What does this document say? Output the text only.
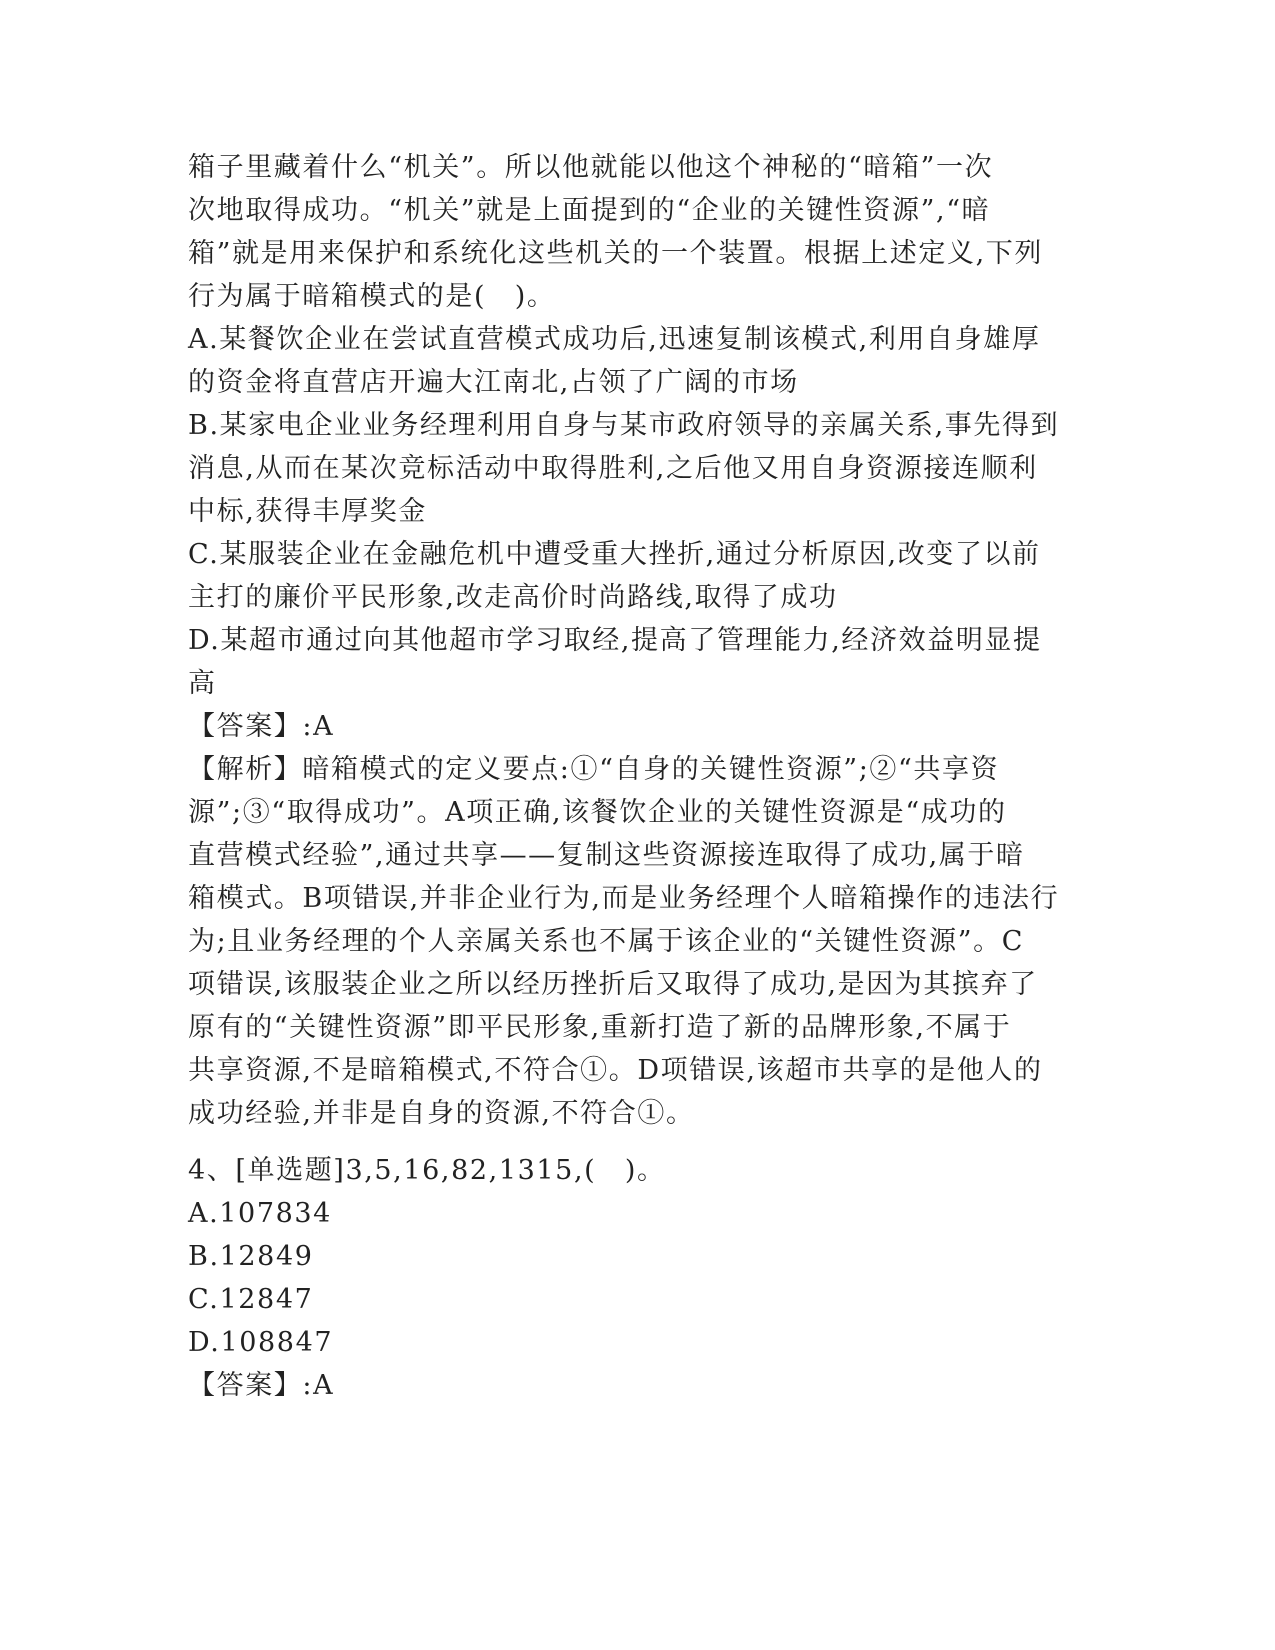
箱子里藏着什么“机关”。所以他就能以他这个神秘的“暗箱”一次
次地取得成功。“机关”就是上面提到的“企业的关键性资源”,“暗
箱”就是用来保护和系统化这些机关的一个装置。根据上述定义,下列
行为属于暗箱模式的是(　)。
A.某餐饮企业在尝试直营模式成功后,迅速复制该模式,利用自身雄厚
的资金将直营店开遍大江南北,占领了广阔的市场
B.某家电企业业务经理利用自身与某市政府领导的亲属关系,事先得到
消息,从而在某次竞标活动中取得胜利,之后他又用自身资源接连顺利
中标,获得丰厚奖金
C.某服装企业在金融危机中遭受重大挫折,通过分析原因,改变了以前
主打的廉价平民形象,改走高价时尚路线,取得了成功
D.某超市通过向其他超市学习取经,提高了管理能力,经济效益明显提
高
【答案】:A
【解析】暗箱模式的定义要点:①“自身的关键性资源”;②“共享资
源”;③“取得成功”。A项正确,该餐饮企业的关键性资源是“成功的
直营模式经验”,通过共享——复制这些资源接连取得了成功,属于暗
箱模式。B项错误,并非企业行为,而是业务经理个人暗箱操作的违法行
为;且业务经理的个人亲属关系也不属于该企业的“关键性资源”。C
项错误,该服装企业之所以经历挫折后又取得了成功,是因为其摈弃了
原有的“关键性资源”即平民形象,重新打造了新的品牌形象,不属于
共享资源,不是暗箱模式,不符合①。D项错误,该超市共享的是他人的
成功经验,并非是自身的资源,不符合①。
4、[单选题]3,5,16,82,1315,(　)。
A.107834
B.12849
C.12847
D.108847
【答案】:A
